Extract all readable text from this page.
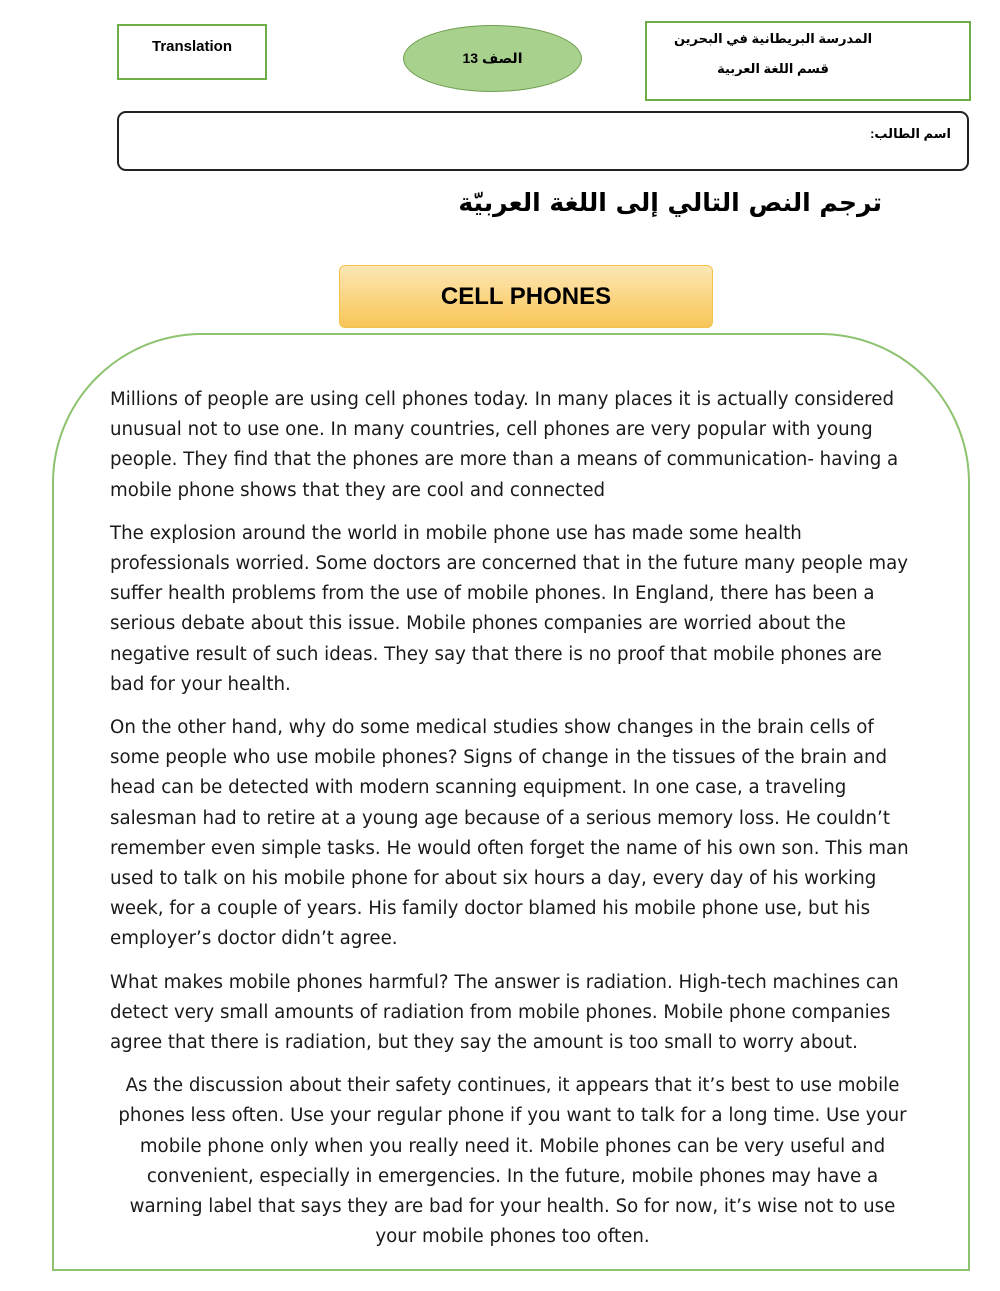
Translation
الصف 13
المدرسة البريطانية في البحرين
قسم اللغة العربية
اسم الطالب:
ترجم النص التالي إلى اللغة العربيّة
CELL PHONES

Millions of people are using cell phones today. In many places it is actually considered unusual not to use one. In many countries, cell phones are very popular with young people. They find that the phones are more than a means of communication- having a mobile phone shows that they are cool and connected

The explosion around the world in mobile phone use has made some health professionals worried. Some doctors are concerned that in the future many people may suffer health problems from the use of mobile phones. In England, there has been a serious debate about this issue. Mobile phones companies are worried about the negative result of such ideas. They say that there is no proof that mobile phones are bad for your health.

On the other hand, why do some medical studies show changes in the brain cells of some people who use mobile phones? Signs of change in the tissues of the brain and head can be detected with modern scanning equipment. In one case, a traveling salesman had to retire at a young age because of a serious memory loss. He couldn’t remember even simple tasks. He would often forget the name of his own son. This man used to talk on his mobile phone for about six hours a day, every day of his working week, for a couple of years. His family doctor blamed his mobile phone use, but his employer’s doctor didn’t agree.

What makes mobile phones harmful? The answer is radiation. High-tech machines can detect very small amounts of radiation from mobile phones. Mobile phone companies agree that there is radiation, but they say the amount is too small to worry about.

As the discussion about their safety continues, it appears that it’s best to use mobile phones less often. Use your regular phone if you want to talk for a long time. Use your mobile phone only when you really need it. Mobile phones can be very useful and convenient, especially in emergencies. In the future, mobile phones may have a warning label that says they are bad for your health. So for now, it’s wise not to use your mobile phones too often.
